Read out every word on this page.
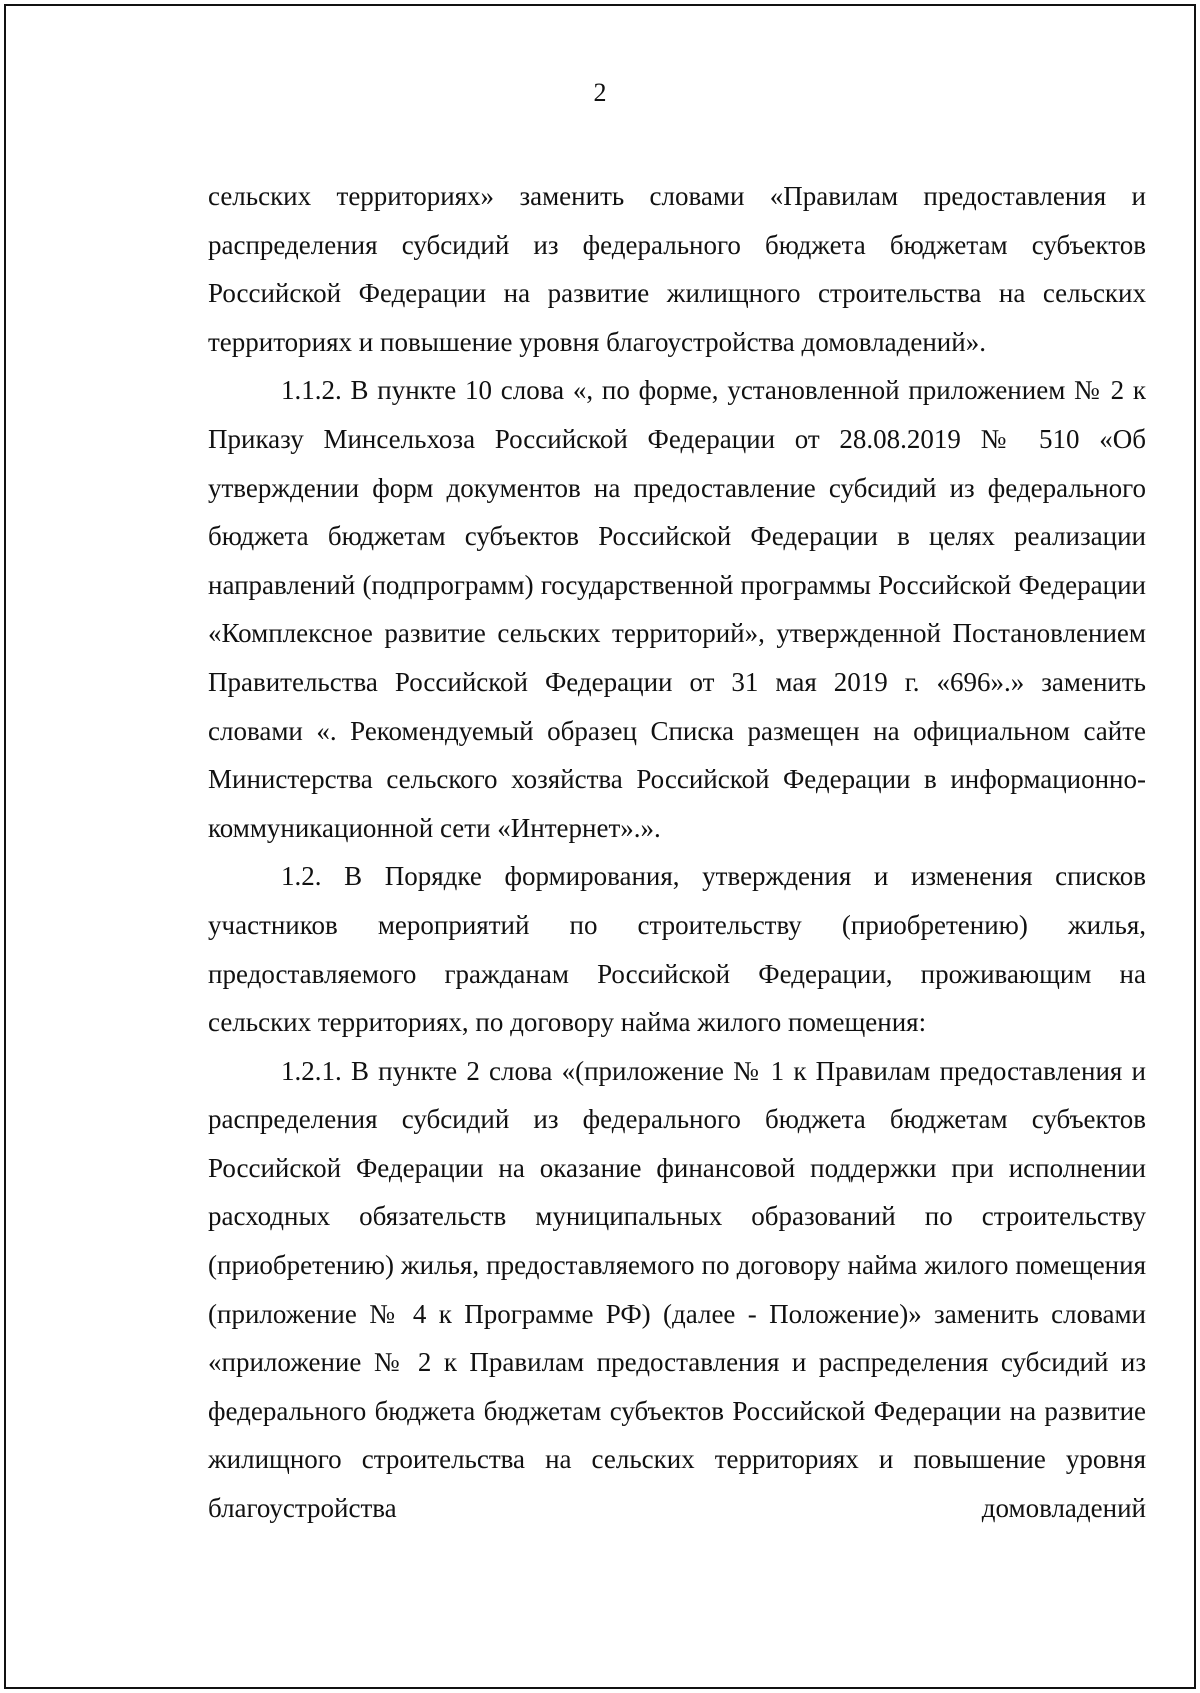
2

сельских территориях» заменить словами «Правилам предоставления и распределения субсидий из федерального бюджета бюджетам субъектов Российской Федерации на развитие жилищного строительства на сельских территориях и повышение уровня благоустройства домовладений».

1.1.2. В пункте 10 слова «, по форме, установленной приложением № 2 к Приказу Минсельхоза Российской Федерации от 28.08.2019 № 510 «Об утверждении форм документов на предоставление субсидий из федерального бюджета бюджетам субъектов Российской Федерации в целях реализации направлений (подпрограмм) государственной программы Российской Федерации «Комплексное развитие сельских территорий», утвержденной Постановлением Правительства Российской Федерации от 31 мая 2019 г. «696».» заменить словами «. Рекомендуемый образец Списка размещен на официальном сайте Министерства сельского хозяйства Российской Федерации в информационно-коммуникационной сети «Интернет».».

1.2. В Порядке формирования, утверждения и изменения списков участников мероприятий по строительству (приобретению) жилья, предоставляемого гражданам Российской Федерации, проживающим на сельских территориях, по договору найма жилого помещения:

1.2.1. В пункте 2 слова «(приложение № 1 к Правилам предоставления и распределения субсидий из федерального бюджета бюджетам субъектов Российской Федерации на оказание финансовой поддержки при исполнении расходных обязательств муниципальных образований по строительству (приобретению) жилья, предоставляемого по договору найма жилого помещения (приложение № 4 к Программе РФ) (далее - Положение)» заменить словами «приложение № 2 к Правилам предоставления и распределения субсидий из федерального бюджета бюджетам субъектов Российской Федерации на развитие жилищного строительства на сельских территориях и повышение уровня благоустройства домовладений
